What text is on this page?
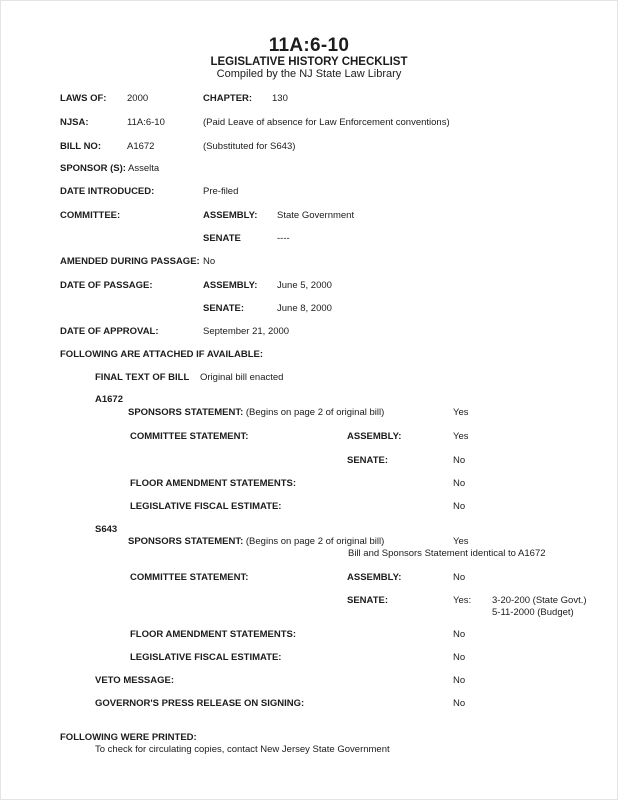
11A:6-10
LEGISLATIVE HISTORY CHECKLIST
Compiled by the NJ State Law Library
LAWS OF: 2000	CHAPTER: 130
NJSA:	11A:6-10	(Paid Leave of absence for Law Enforcement conventions)
BILL NO:	A1672	(Substituted for S643)
SPONSOR (S): Asselta
DATE INTRODUCED:	Pre-filed
COMMITTEE:	ASSEMBLY: State Government
SENATE	----
AMENDED DURING PASSAGE: No
DATE OF PASSAGE:	ASSEMBLY: June 5, 2000
SENATE:	June 8, 2000
DATE OF APPROVAL:	September 21, 2000
FOLLOWING ARE ATTACHED IF AVAILABLE:
FINAL TEXT OF BILL Original bill enacted
A1672
SPONSORS STATEMENT: (Begins on page 2 of original bill)	Yes
COMMITTEE STATEMENT:	ASSEMBLY:	Yes
SENATE:	No
FLOOR AMENDMENT STATEMENTS:	No
LEGISLATIVE FISCAL ESTIMATE:	No
S643
SPONSORS STATEMENT: (Begins on page 2 of original bill)	Yes
Bill and Sponsors Statement identical to A1672
COMMITTEE STATEMENT:	ASSEMBLY:	No
SENATE:	Yes: 3-20-200 (State Govt.)
5-11-2000 (Budget)
FLOOR AMENDMENT STATEMENTS:	No
LEGISLATIVE FISCAL ESTIMATE:	No
VETO MESSAGE:	No
GOVERNOR'S PRESS RELEASE ON SIGNING:	No
FOLLOWING WERE PRINTED:
To check for circulating copies, contact New Jersey State Government
